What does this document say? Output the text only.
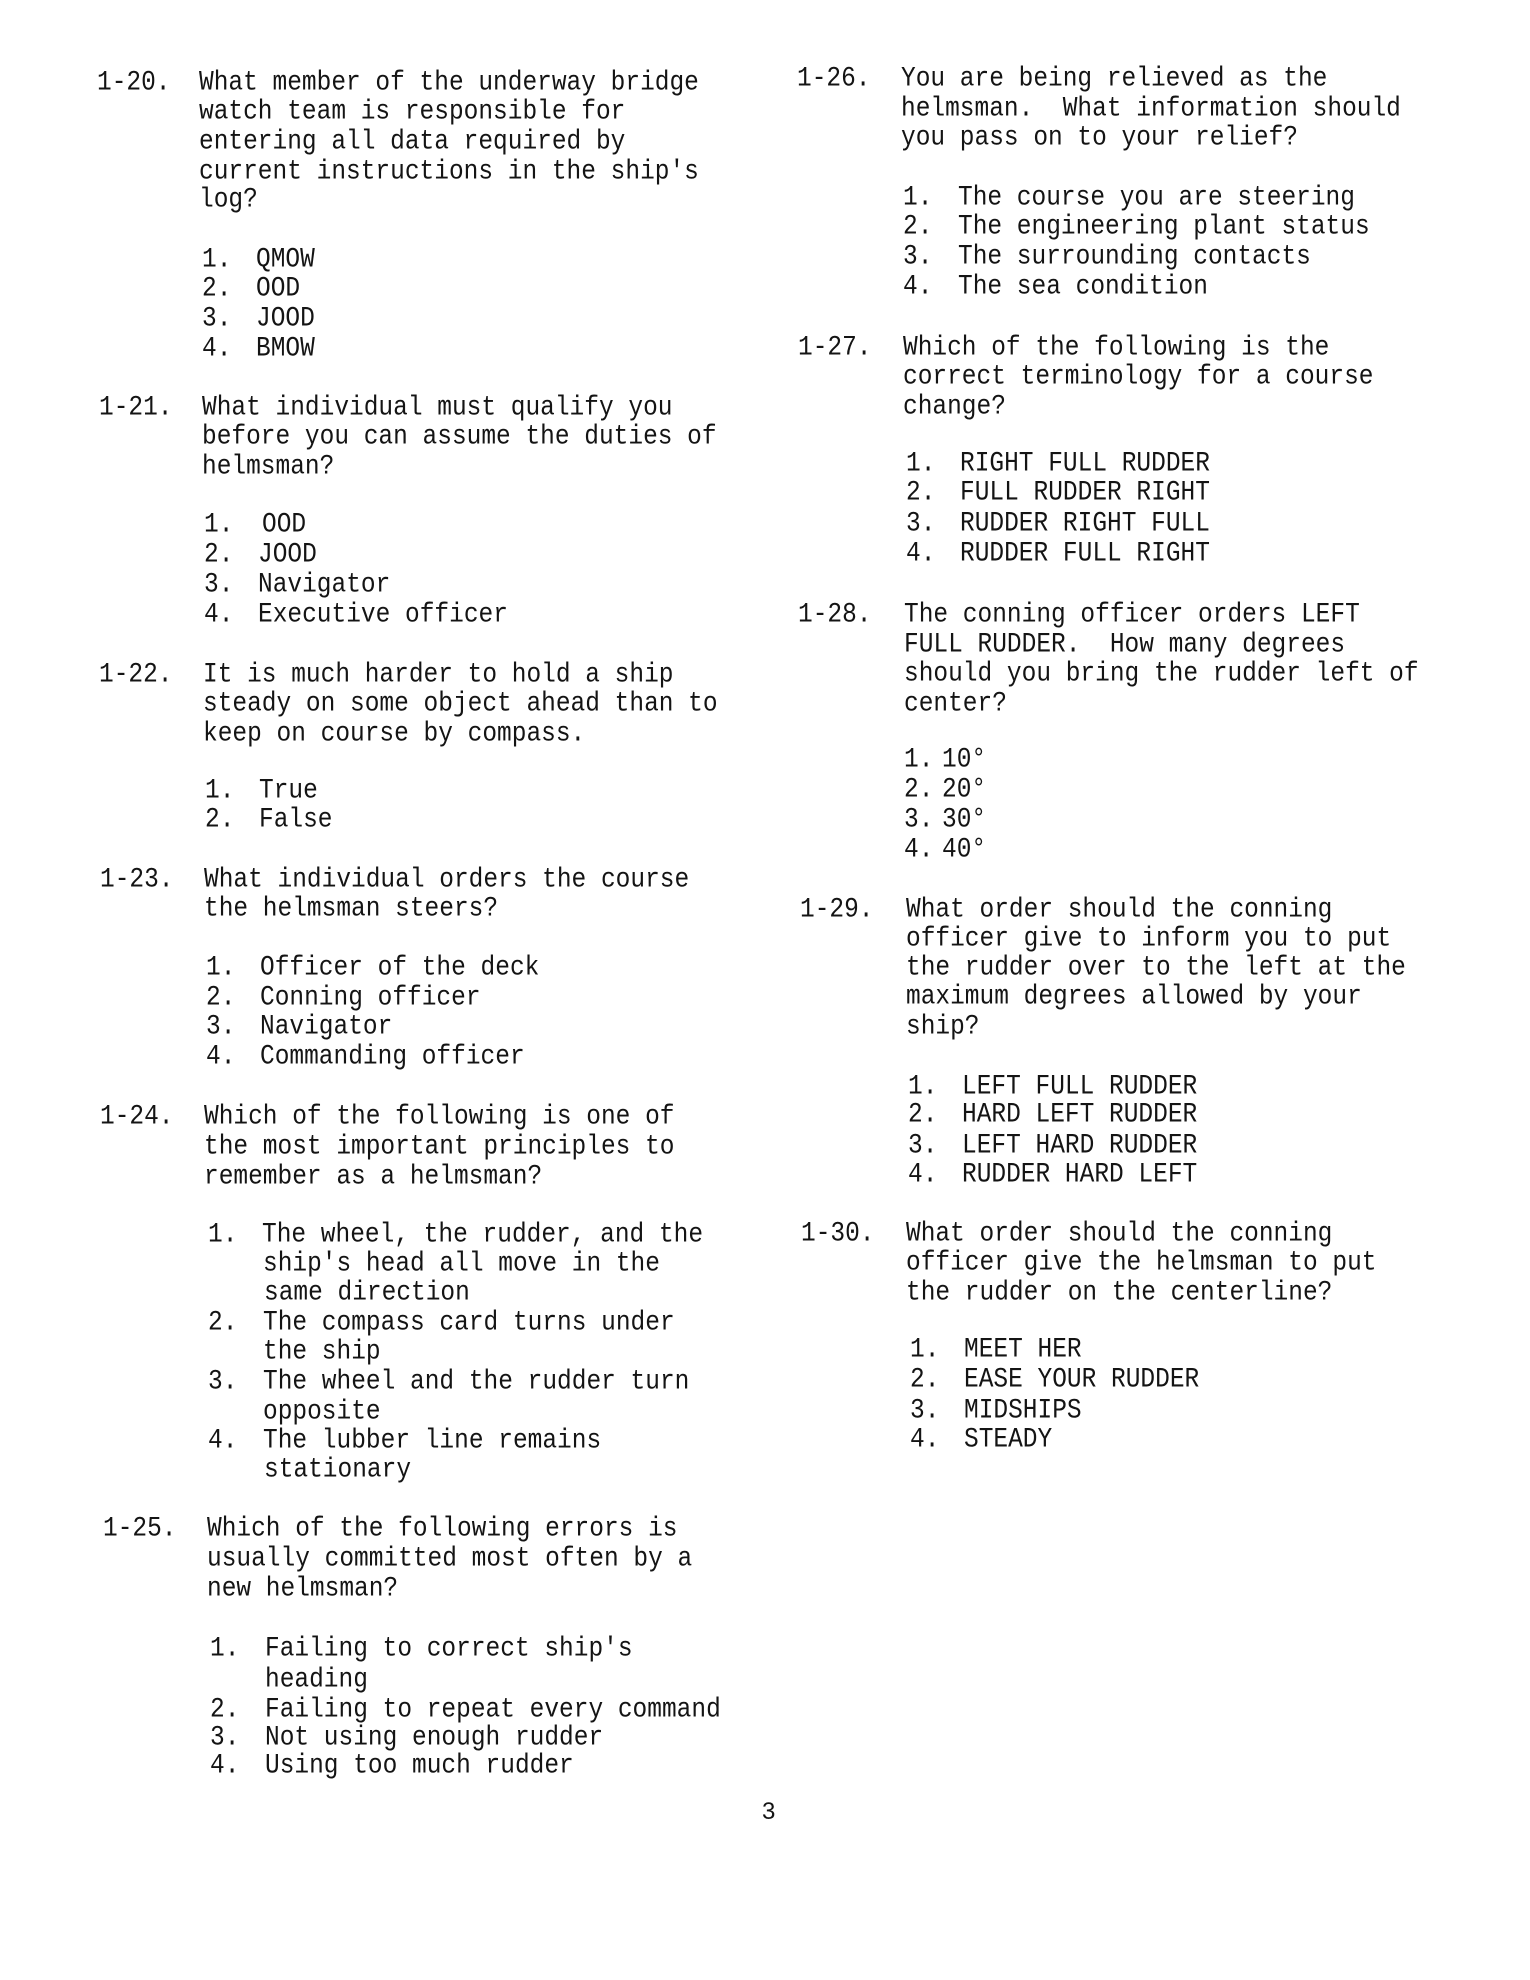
1-20. What member of the underway bridge
watch team is responsible for
entering all data required by
current instructions in the ship's
log?
1. QMOW
2. OOD
3. JOOD
4. BMOW
1-21. What individual must qualify you
before you can assume the duties of
helmsman?
1. OOD
2. JOOD
3. Navigator
4. Executive officer
1-22. It is much harder to hold a ship
steady on some object ahead than to
keep on course by compass.
1. True
2. False
1-23. What individual orders the course
the helmsman steers?
1. Officer of the deck
2. Conning officer
3. Navigator
4. Commanding officer
1-24. Which of the following is one of
the most important principles to
remember as a helmsman?
1. The wheel, the rudder, and the
ship's head all move in the
same direction
2. The compass card turns under
the ship
3. The wheel and the rudder turn
opposite
4. The lubber line remains
stationary
1-25. Which of the following errors is
usually committed most often by a
new helmsman?
1. Failing to correct ship's
heading
2. Failing to repeat every command
3. Not using enough rudder
4. Using too much rudder
1-26. You are being relieved as the
helmsman.  What information should
you pass on to your relief?
1. The course you are steering
2. The engineering plant status
3. The surrounding contacts
4. The sea condition
1-27. Which of the following is the
correct terminology for a course
change?
1. RIGHT FULL RUDDER
2. FULL RUDDER RIGHT
3. RUDDER RIGHT FULL
4. RUDDER FULL RIGHT
1-28. The conning officer orders LEFT
FULL RUDDER.  How many degrees
should you bring the rudder left of
center?
1. 10°
2. 20°
3. 30°
4. 40°
1-29. What order should the conning
officer give to inform you to put
the rudder over to the left at the
maximum degrees allowed by your
ship?
1. LEFT FULL RUDDER
2. HARD LEFT RUDDER
3. LEFT HARD RUDDER
4. RUDDER HARD LEFT
1-30. What order should the conning
officer give the helmsman to put
the rudder on the centerline?
1. MEET HER
2. EASE YOUR RUDDER
3. MIDSHIPS
4. STEADY
3
